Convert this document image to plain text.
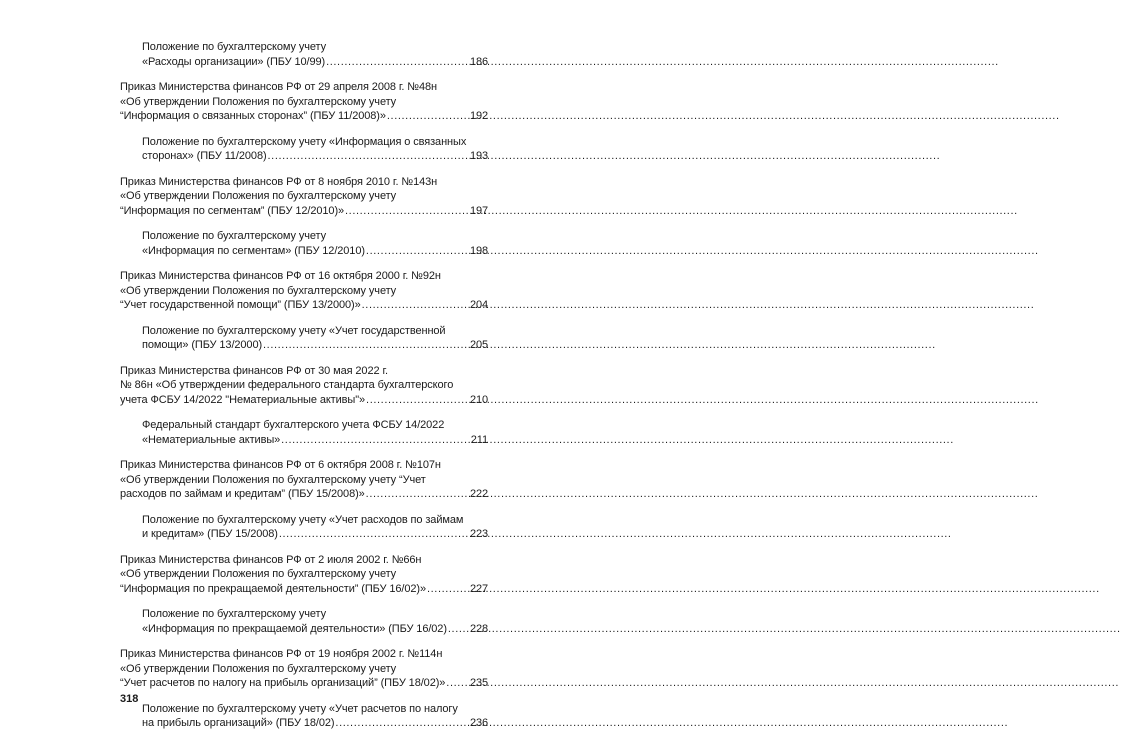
Положение по бухгалтерскому учету
«Расходы организации» (ПБУ 10/99) .....	186
Приказ Министерства финансов РФ от 29 апреля 2008 г. №48н
«Об утверждении Положения по бухгалтерскому учету
“Информация о связанных сторонах” (ПБУ 11/2008)» .....	192
Положение по бухгалтерскому учету «Информация о связанных
сторонах» (ПБУ 11/2008) .....	193
Приказ Министерства финансов РФ от 8 ноября 2010 г. №143н
«Об утверждении Положения по бухгалтерскому учету
“Информация по сегментам” (ПБУ 12/2010)» .....	197
Положение по бухгалтерскому учету
«Информация по сегментам» (ПБУ 12/2010) .....	198
Приказ Министерства финансов РФ от 16 октября 2000 г. №92н
«Об утверждении Положения по бухгалтерскому учету
“Учет государственной помощи” (ПБУ 13/2000)» .....	204
Положение по бухгалтерскому учету «Учет государственной
помощи» (ПБУ 13/2000) .....	205
Приказ Министерства финансов РФ от 30 мая 2022 г.
№ 86н «Об утверждении федерального стандарта бухгалтерского
учета ФСБУ 14/2022 "Нематериальные активы"» .....	210
Федеральный стандарт бухгалтерского учета ФСБУ 14/2022
«Нематериальные активы» .....	211
Приказ Министерства финансов РФ от 6 октября 2008 г. №107н
«Об утверждении Положения по бухгалтерскому учету “Учет
расходов по займам и кредитам” (ПБУ 15/2008)» .....	222
Положение по бухгалтерскому учету «Учет расходов по займам
и кредитам» (ПБУ 15/2008) .....	223
Приказ Министерства финансов РФ от 2 июля 2002 г. №66н
«Об утверждении Положения по бухгалтерскому учету
“Информация по прекращаемой деятельности” (ПБУ 16/02)» .....	227
Положение по бухгалтерскому учету
«Информация по прекращаемой деятельности» (ПБУ 16/02) ..... 228
Приказ Министерства финансов РФ от 19 ноября 2002 г. №114н
«Об утверждении Положения по бухгалтерскому учету
“Учет расчетов по налогу на прибыль организаций” (ПБУ 18/02)» ..... 235
Положение по бухгалтерскому учету «Учет расчетов по налогу
на прибыль организаций» (ПБУ 18/02) .....	236
318
